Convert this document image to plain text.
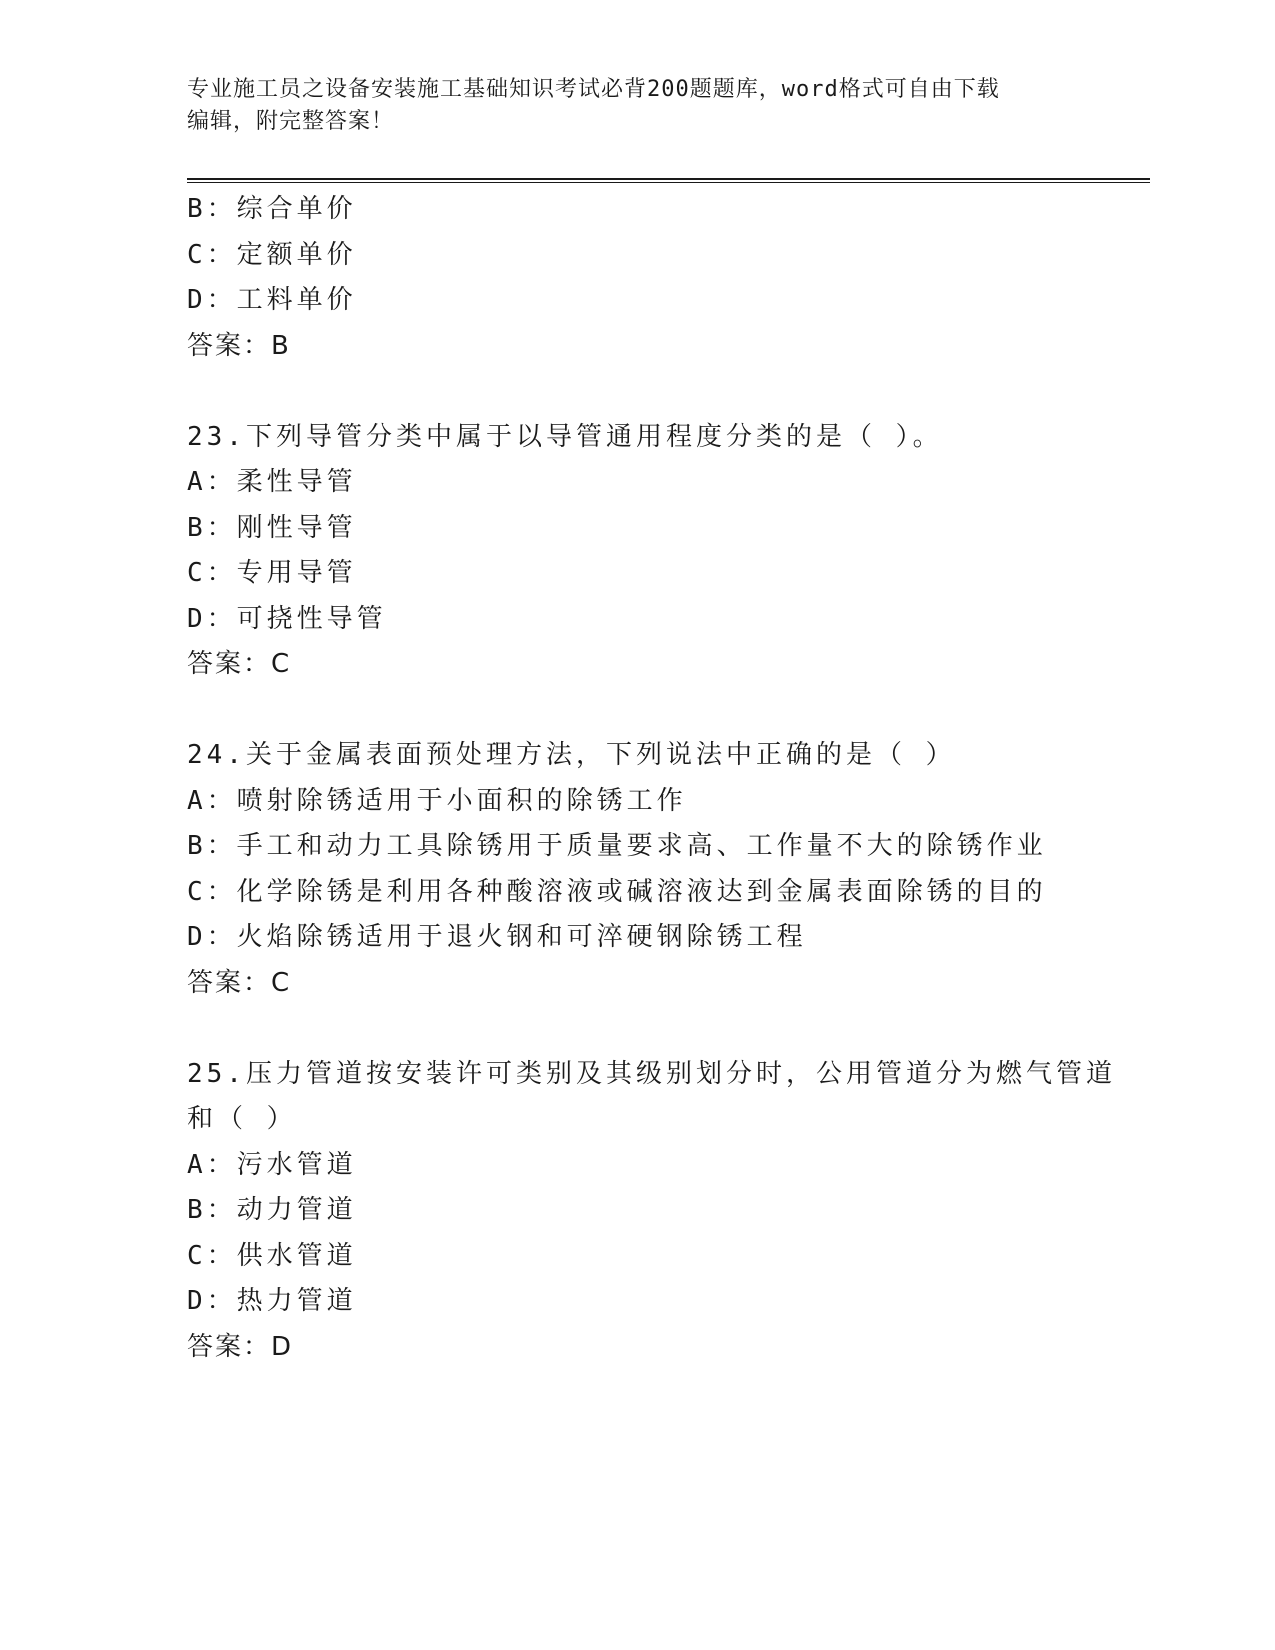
专业施工员之设备安装施工基础知识考试必背200题题库，word格式可自由下载
编辑，附完整答案！
B：综合单价
C：定额单价
D：工料单价
答案：B
23.下列导管分类中属于以导管通用程度分类的是（ ）。
A：柔性导管
B：刚性导管
C：专用导管
D：可挠性导管
答案：C
24.关于金属表面预处理方法，下列说法中正确的是（ ）
A：喷射除锈适用于小面积的除锈工作
B：手工和动力工具除锈用于质量要求高、工作量不大的除锈作业
C：化学除锈是利用各种酸溶液或碱溶液达到金属表面除锈的目的
D：火焰除锈适用于退火钢和可淬硬钢除锈工程
答案：C
25.压力管道按安装许可类别及其级别划分时，公用管道分为燃气管道
和（ ）
A：污水管道
B：动力管道
C：供水管道
D：热力管道
答案：D
